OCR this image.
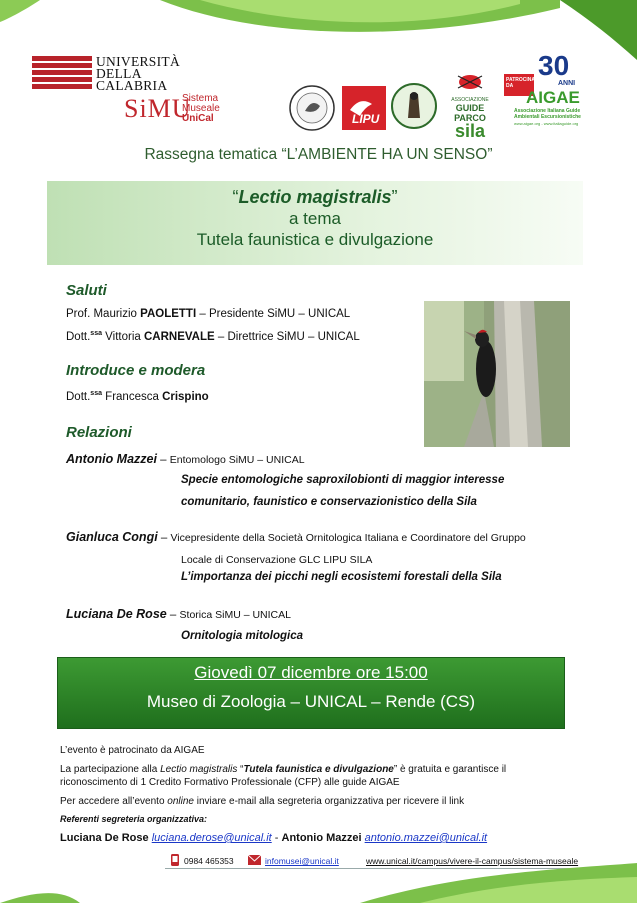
UNIVERSITÀ
DELLA
CALABRIA
SiMU
Sistema
Museale
UniCal	LIPU
ASSOCIAZIONE
GUIDE PARCO
sila
PATROCINATO DA
30
ANNI
AIGAE
Associazione Italiana Guide
Ambientali Escursionistiche
www.aigae.org - www.italiaguide.org
Rassegna tematica “L’AMBIENTE HA UN SENSO”
“Lectio magistralis”
a tema
Tutela faunistica e divulgazione
Saluti
Prof. Maurizio PAOLETTI – Presidente SiMU – UNICAL
Dott.$^{ssa}$ Vittoria CARNEVALE – Direttrice SiMU – UNICAL
Introduce e modera
Dott.$^{ssa}$ Francesca Crispino
Relazioni
Antonio Mazzei – Entomologo SiMU – UNICAL
Specie entomologiche saproxilobionti di maggior interesse
comunitario, faunistico e conservazionistico della Sila
Gianluca Congi – Vicepresidente della Società Ornitologica Italiana e Coordinatore del Gruppo
Locale di Conservazione GLC LIPU SILA
L’importanza dei picchi negli ecosistemi forestali della Sila
Luciana De Rose – Storica SiMU – UNICAL
Ornitologia mitologica
Giovedì 07 dicembre ore 15:00
Museo di Zoologia – UNICAL – Rende (CS)
L’evento è patrocinato da AIGAE
La partecipazione alla Lectio magistralis “Tutela faunistica e divulgazione” è gratuita e garantisce il
riconoscimento di 1 Credito Formativo Professionale (CFP) alle guide AIGAE
Per accedere all’evento online inviare e-mail alla segreteria organizzativa per ricevere il link
Referenti segreteria organizzativa:
Luciana De Rose luciana.derose@unical.it - Antonio Mazzei antonio.mazzei@unical.it
0984 465353	infomusei@unical.it	www.unical.it/campus/vivere-il-campus/sistema-museale
